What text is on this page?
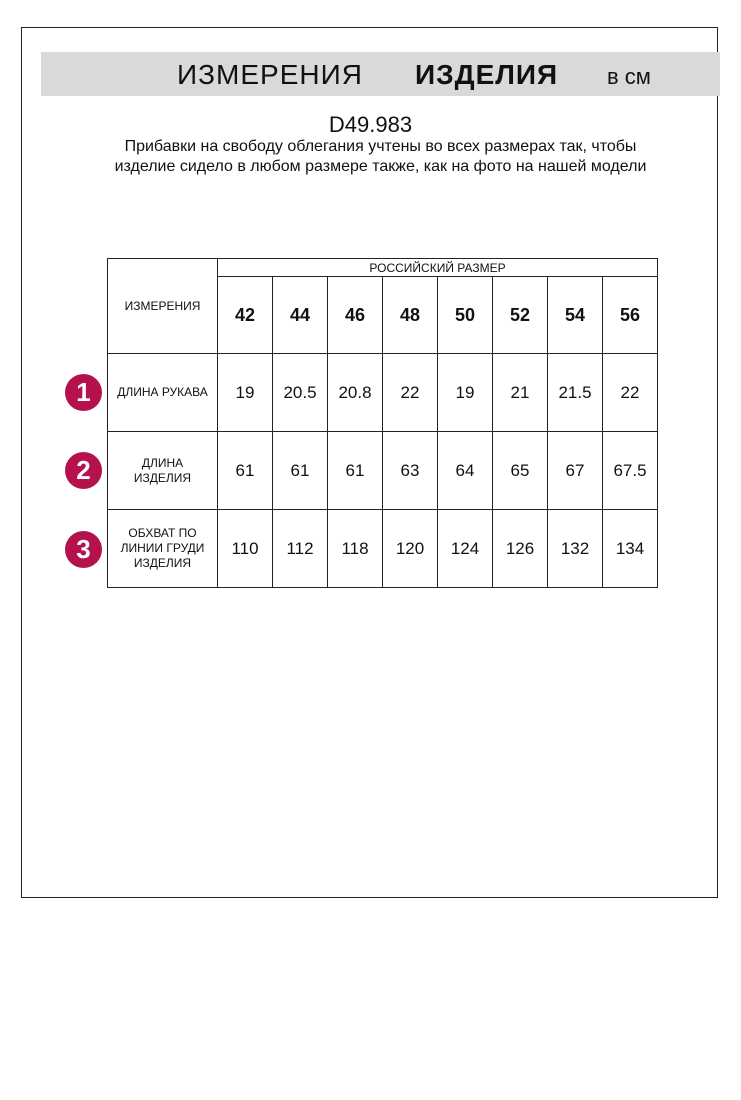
ИЗМЕРЕНИЯ ИЗДЕЛИЯ в см
D49.983
Прибавки на свободу облегания учтены во всех размерах так, чтобы изделие сидело в любом размере также, как на фото на нашей модели
ИЗМЕРЕНИЯ	РОССИЙСКИЙ РАЗМЕР							
	42	44	46	48	50	52	54	56
ДЛИНА РУКАВА	19	20.5	20.8	22	19	21	21.5	22
ДЛИНА ИЗДЕЛИЯ	61	61	61	63	64	65	67	67.5
ОБХВАТ ПО ЛИНИИ ГРУДИ ИЗДЕЛИЯ	110	112	118	120	124	126	132	134
1
2
3
